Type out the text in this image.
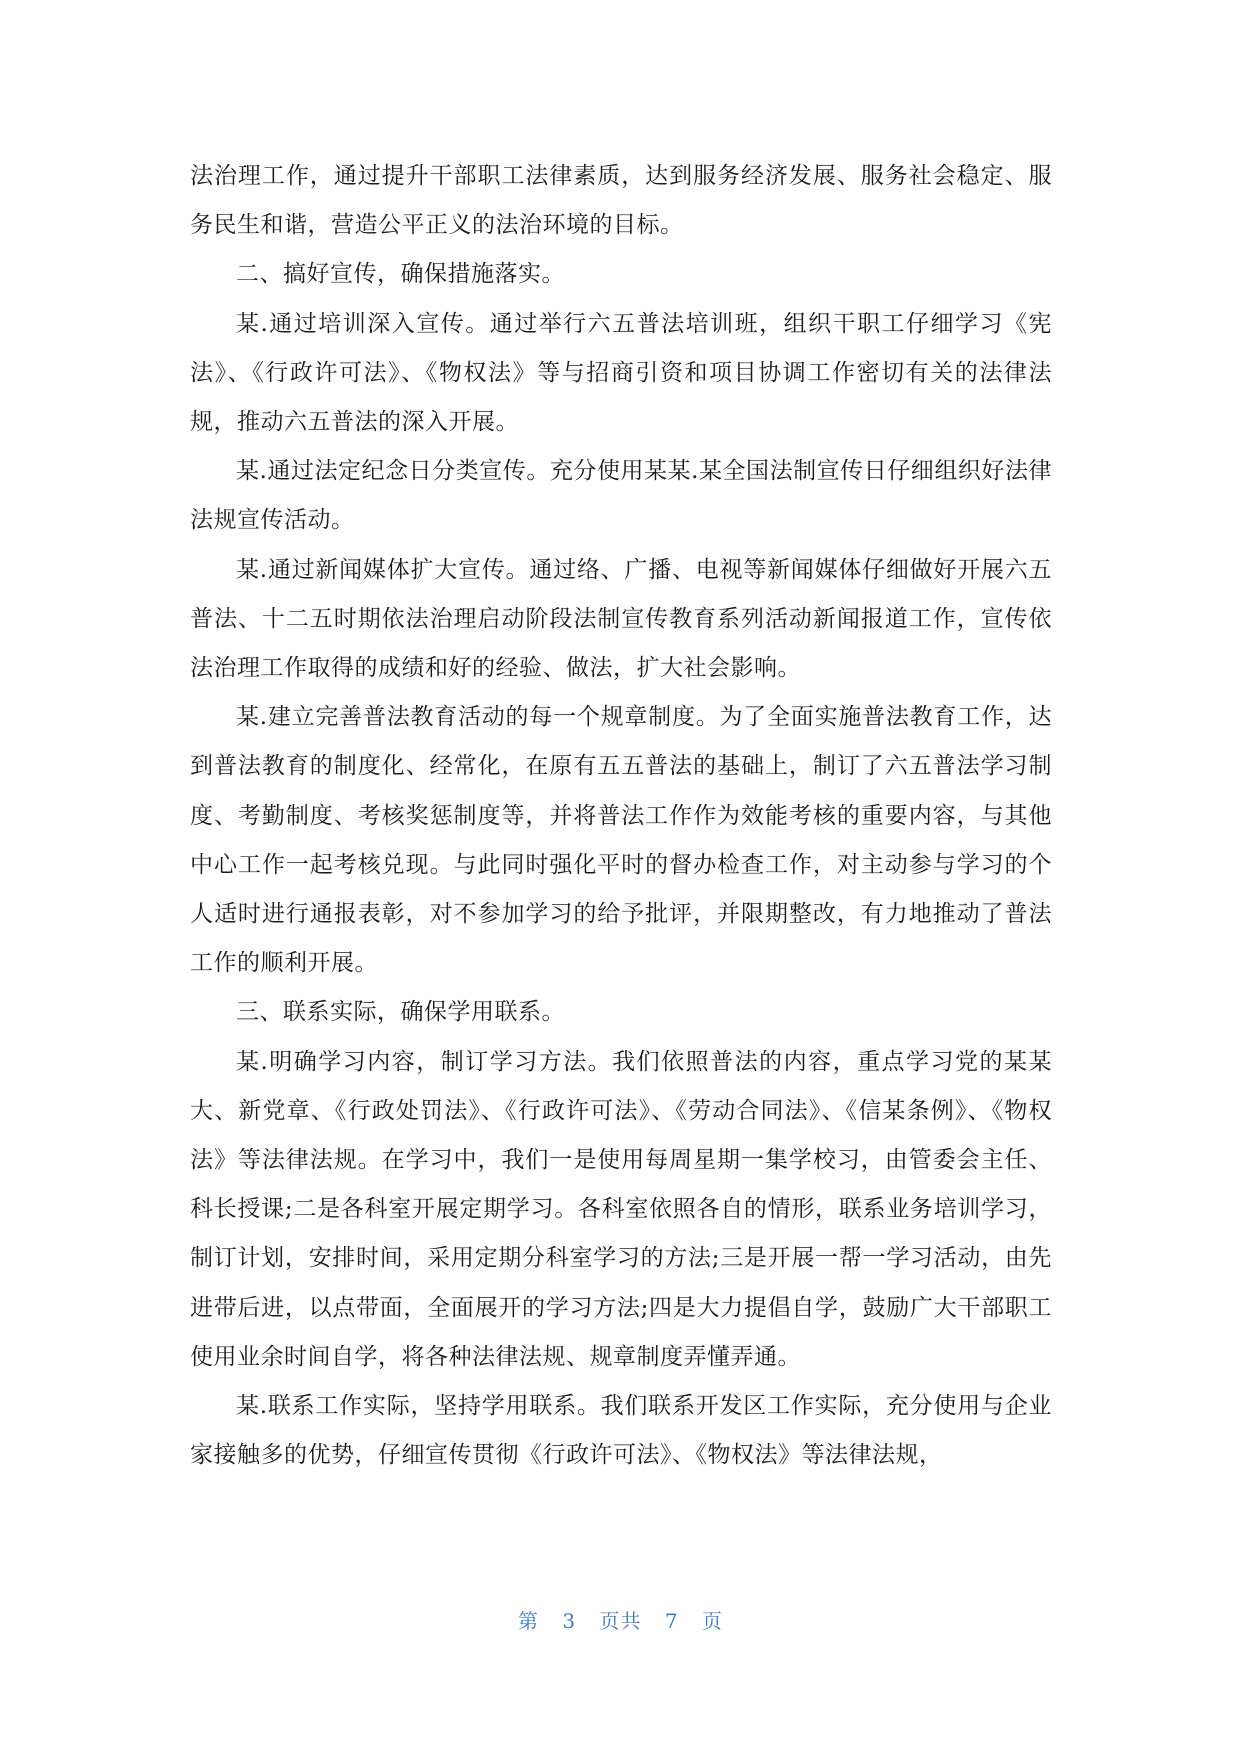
法治理工作，通过提升干部职工法律素质，达到服务经济发展、服务社会稳定、服务民生和谐，营造公平正义的法治环境的目标。

二、搞好宣传，确保措施落实。

某.通过培训深入宣传。通过举行六五普法培训班，组织干职工仔细学习《宪法》、《行政许可法》、《物权法》等与招商引资和项目协调工作密切有关的法律法规，推动六五普法的深入开展。

某.通过法定纪念日分类宣传。充分使用某某.某全国法制宣传日仔细组织好法律法规宣传活动。

某.通过新闻媒体扩大宣传。通过络、广播、电视等新闻媒体仔细做好开展六五普法、十二五时期依法治理启动阶段法制宣传教育系列活动新闻报道工作，宣传依法治理工作取得的成绩和好的经验、做法，扩大社会影响。

某.建立完善普法教育活动的每一个规章制度。为了全面实施普法教育工作，达到普法教育的制度化、经常化，在原有五五普法的基础上，制订了六五普法学习制度、考勤制度、考核奖惩制度等，并将普法工作作为效能考核的重要内容，与其他中心工作一起考核兑现。与此同时强化平时的督办检查工作，对主动参与学习的个人适时进行通报表彰，对不参加学习的给予批评，并限期整改，有力地推动了普法工作的顺利开展。

三、联系实际，确保学用联系。

某.明确学习内容，制订学习方法。我们依照普法的内容，重点学习党的某某大、新党章、《行政处罚法》、《行政许可法》、《劳动合同法》、《信某条例》、《物权法》等法律法规。在学习中，我们一是使用每周星期一集学校习，由管委会主任、科长授课;二是各科室开展定期学习。各科室依照各自的情形，联系业务培训学习，制订计划，安排时间，采用定期分科室学习的方法;三是开展一帮一学习活动，由先进带后进，以点带面，全面展开的学习方法;四是大力提倡自学，鼓励广大干部职工使用业余时间自学，将各种法律法规、规章制度弄懂弄通。

某.联系工作实际，坚持学用联系。我们联系开发区工作实际，充分使用与企业家接触多的优势，仔细宣传贯彻《行政许可法》、《物权法》等法律法规，

第 3 页共 7 页
